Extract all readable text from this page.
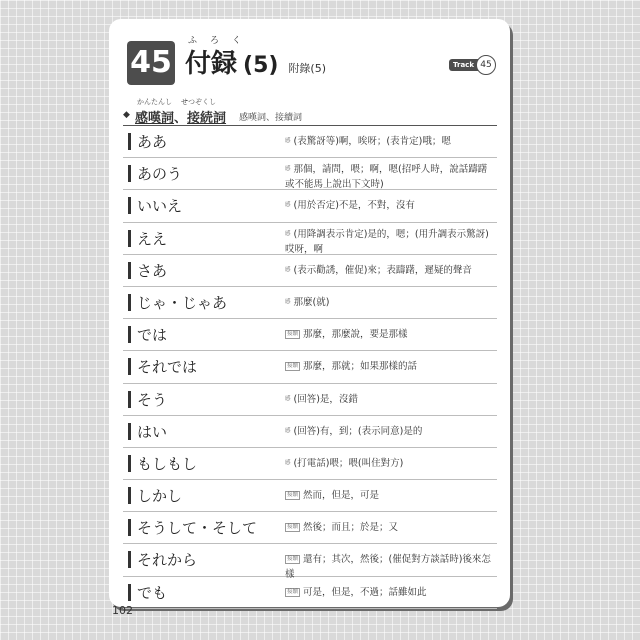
45
ふろく
付録 (5) 附錄(5)	Track 45
◆
かんたんし せつぞくし
感嘆詞、接続詞 感嘆詞、接續詞
ああ	感 (表驚訝等)啊，唉呀；(表肯定)哦；嗯
あのう	感 那個，請問，喂；啊，嗯(招呼人時，說話躊躇或不能馬上說出下文時)
いいえ	感 (用於否定)不是，不對，沒有
ええ	感 (用降調表示肯定)是的，嗯；(用升調表示驚訝)哎呀，啊
さあ	感 (表示勸誘，催促)來；表躊躇，遲疑的聲音
じゃ・じゃあ	感 那麼(就)
では	接續 那麼，那麼說，要是那樣
それでは	接續 那麼，那就；如果那樣的話
そう	感 (回答)是，沒錯
はい	感 (回答)有，到；(表示同意)是的
もしもし	感 (打電話)喂；喂(叫住對方)
しかし	接續 然而，但是，可是
そうして・そして	接續 然後；而且；於是；又
それから	接續 還有；其次，然後；(催促對方談話時)後來怎樣
でも	接續 可是，但是，不過；話雖如此
102
